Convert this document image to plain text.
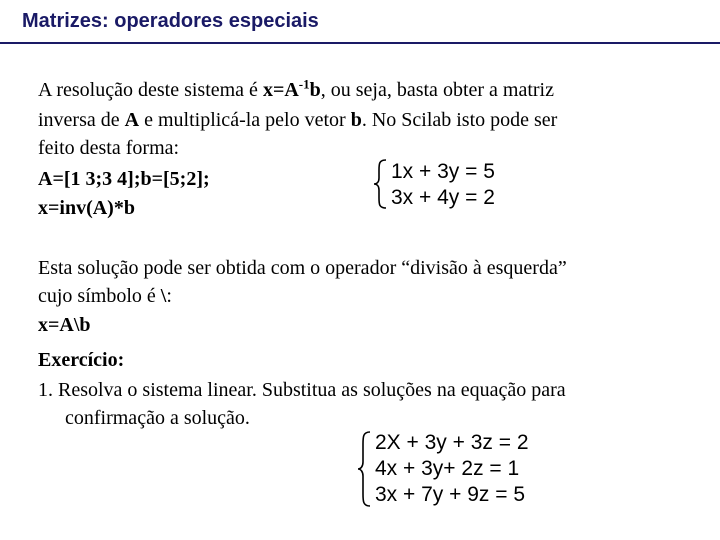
Matrizes: operadores especiais
A resolução deste sistema é $x=A^{-1}b$, ou seja, basta obter a matriz
inversa de A e multiplicá-la pelo vetor b. No Scilab isto pode ser
feito desta forma:
A=[1 3;3 4];b=[5;2];
x=inv(A)*b
1x + 3y = 5
3x + 4y = 2
Esta solução pode ser obtida com o operador “divisão à esquerda”
cujo símbolo é \:
x=A\b
Exercício:
1. Resolva o sistema linear. Substitua as soluções na equação para
confirmação a solução.
2X + 3y + 3z = 2
4x + 3y+ 2z = 1
3x + 7y + 9z = 5
